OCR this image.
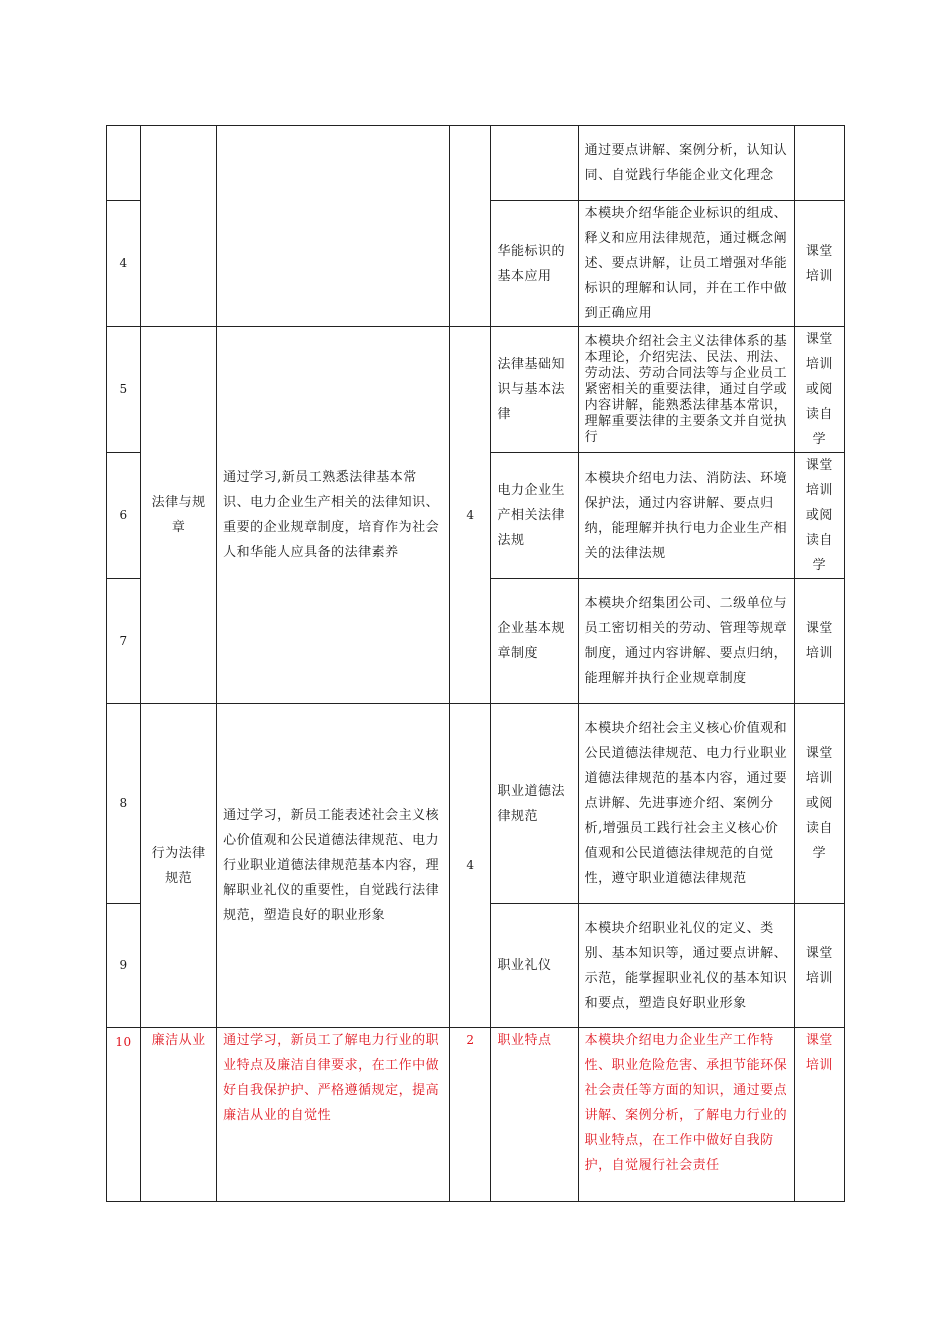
					通过要点讲解、案例分析，认知认同、自觉践行华能企业文化理念	
4				华能标识的基本应用	本模块介绍华能企业标识的组成、释义和应用法律规范，通过概念阐述、要点讲解，让员工增强对华能标识的理解和认同，并在工作中做到正确应用	课堂培训
5	法律与规章	通过学习,新员工熟悉法律基本常识、电力企业生产相关的法律知识、重要的企业规章制度，培育作为社会人和华能人应具备的法律素养	4	法律基础知识与基本法律	本模块介绍社会主义法律体系的基本理论，介绍宪法、民法、刑法、劳动法、劳动合同法等与企业员工紧密相关的重要法律，通过自学或内容讲解，能熟悉法律基本常识，理解重要法律的主要条文并自觉执行	课堂培训或阅读自学
6				电力企业生产相关法律法规	本模块介绍电力法、消防法、环境保护法，通过内容讲解、要点归纳，能理解并执行电力企业生产相关的法律法规	课堂培训或阅读自学
7				企业基本规章制度	本模块介绍集团公司、二级单位与员工密切相关的劳动、管理等规章制度，通过内容讲解、要点归纳，能理解并执行企业规章制度	课堂培训
8	行为法律规范	通过学习，新员工能表述社会主义核心价值观和公民道德法律规范、电力行业职业道德法律规范基本内容，理解职业礼仪的重要性，自觉践行法律规范，塑造良好的职业形象	4	职业道德法律规范	本模块介绍社会主义核心价值观和公民道德法律规范、电力行业职业道德法律规范的基本内容，通过要点讲解、先进事迹介绍、案例分析,增强员工践行社会主义核心价值观和公民道德法律规范的自觉性，遵守职业道德法律规范	课堂培训或阅读自学
9				职业礼仪	本模块介绍职业礼仪的定义、类别、基本知识等，通过要点讲解、示范，能掌握职业礼仪的基本知识和要点，塑造良好职业形象	课堂培训
10	廉洁从业	通过学习，新员工了解电力行业的职业特点及廉洁自律要求，在工作中做好自我保护护、严格遵循规定，提高廉洁从业的自觉性	2	职业特点	本模块介绍电力企业生产工作特性、职业危险危害、承担节能环保社会责任等方面的知识，通过要点讲解、案例分析，了解电力行业的职业特点，在工作中做好自我防护，自觉履行社会责任	课堂培训
